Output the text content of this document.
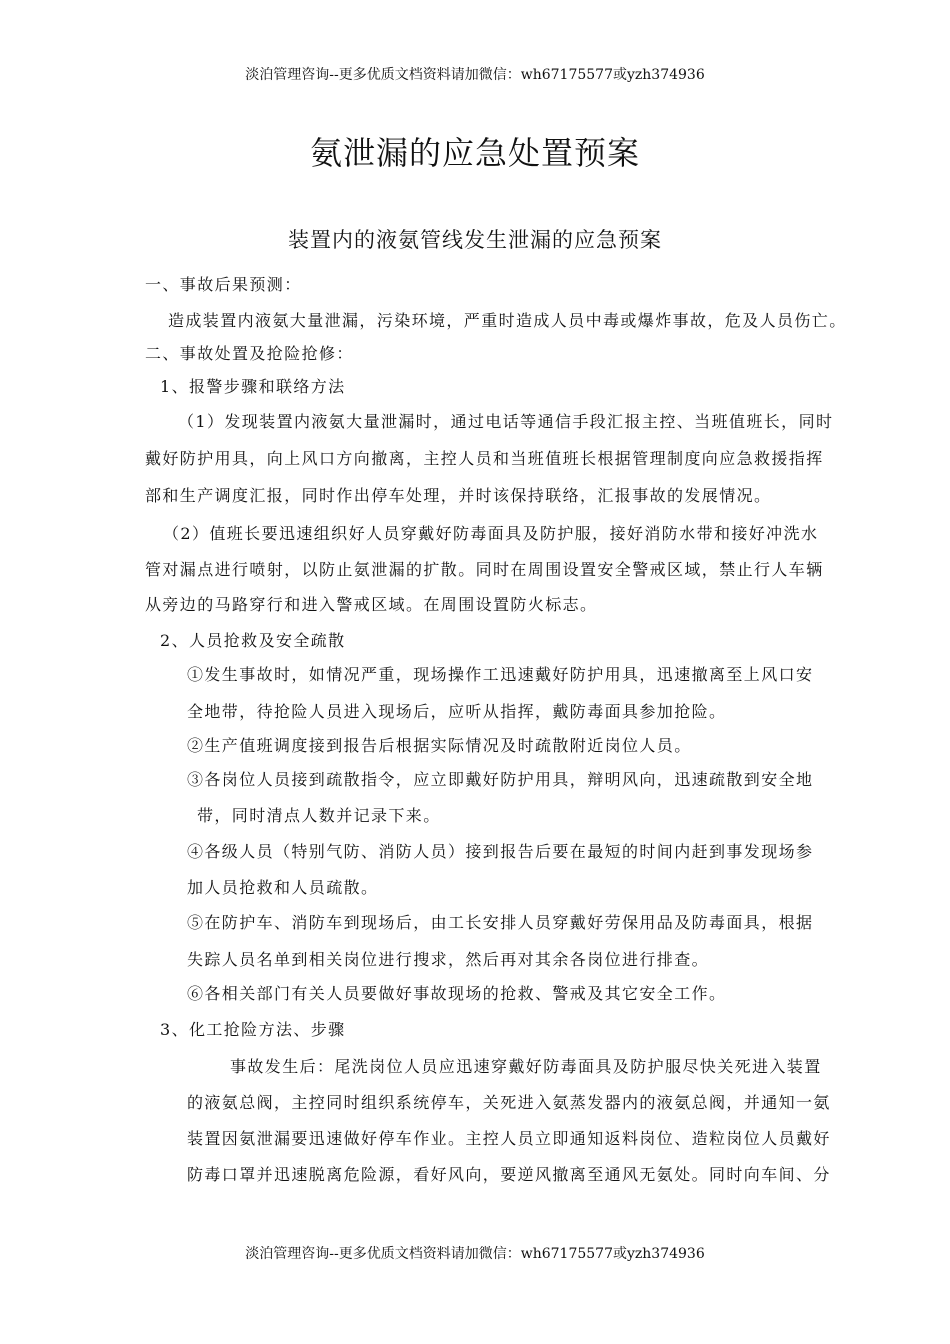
淡泊管理咨询--更多优质文档资料请加微信：wh67175577或yzh374936
氨泄漏的应急处置预案
装置内的液氨管线发生泄漏的应急预案
一、事故后果预测：
造成装置内液氨大量泄漏，污染环境，严重时造成人员中毒或爆炸事故，危及人员伤亡。
二、事故处置及抢险抢修：
1、报警步骤和联络方法
（1）发现装置内液氨大量泄漏时，通过电话等通信手段汇报主控、当班值班长，同时
戴好防护用具，向上风口方向撤离，主控人员和当班值班长根据管理制度向应急救援指挥
部和生产调度汇报，同时作出停车处理，并时该保持联络，汇报事故的发展情况。
（2）值班长要迅速组织好人员穿戴好防毒面具及防护服，接好消防水带和接好冲洗水
管对漏点进行喷射，以防止氨泄漏的扩散。同时在周围设置安全警戒区域，禁止行人车辆
从旁边的马路穿行和进入警戒区域。在周围设置防火标志。
2、人员抢救及安全疏散
①发生事故时，如情况严重，现场操作工迅速戴好防护用具，迅速撤离至上风口安
全地带，待抢险人员进入现场后，应听从指挥，戴防毒面具参加抢险。
②生产值班调度接到报告后根据实际情况及时疏散附近岗位人员。
③各岗位人员接到疏散指令，应立即戴好防护用具，辩明风向，迅速疏散到安全地
带，同时清点人数并记录下来。
④各级人员（特别气防、消防人员）接到报告后要在最短的时间内赶到事发现场参
加人员抢救和人员疏散。
⑤在防护车、消防车到现场后，由工长安排人员穿戴好劳保用品及防毒面具，根据
失踪人员名单到相关岗位进行搜求，然后再对其余各岗位进行排查。
⑥各相关部门有关人员要做好事故现场的抢救、警戒及其它安全工作。
3、化工抢险方法、步骤
事故发生后：尾洗岗位人员应迅速穿戴好防毒面具及防护服尽快关死进入装置
的液氨总阀，主控同时组织系统停车，关死进入氨蒸发器内的液氨总阀，并通知一氨
装置因氨泄漏要迅速做好停车作业。主控人员立即通知返料岗位、造粒岗位人员戴好
防毒口罩并迅速脱离危险源，看好风向，要逆风撤离至通风无氨处。同时向车间、分
淡泊管理咨询--更多优质文档资料请加微信：wh67175577或yzh374936
